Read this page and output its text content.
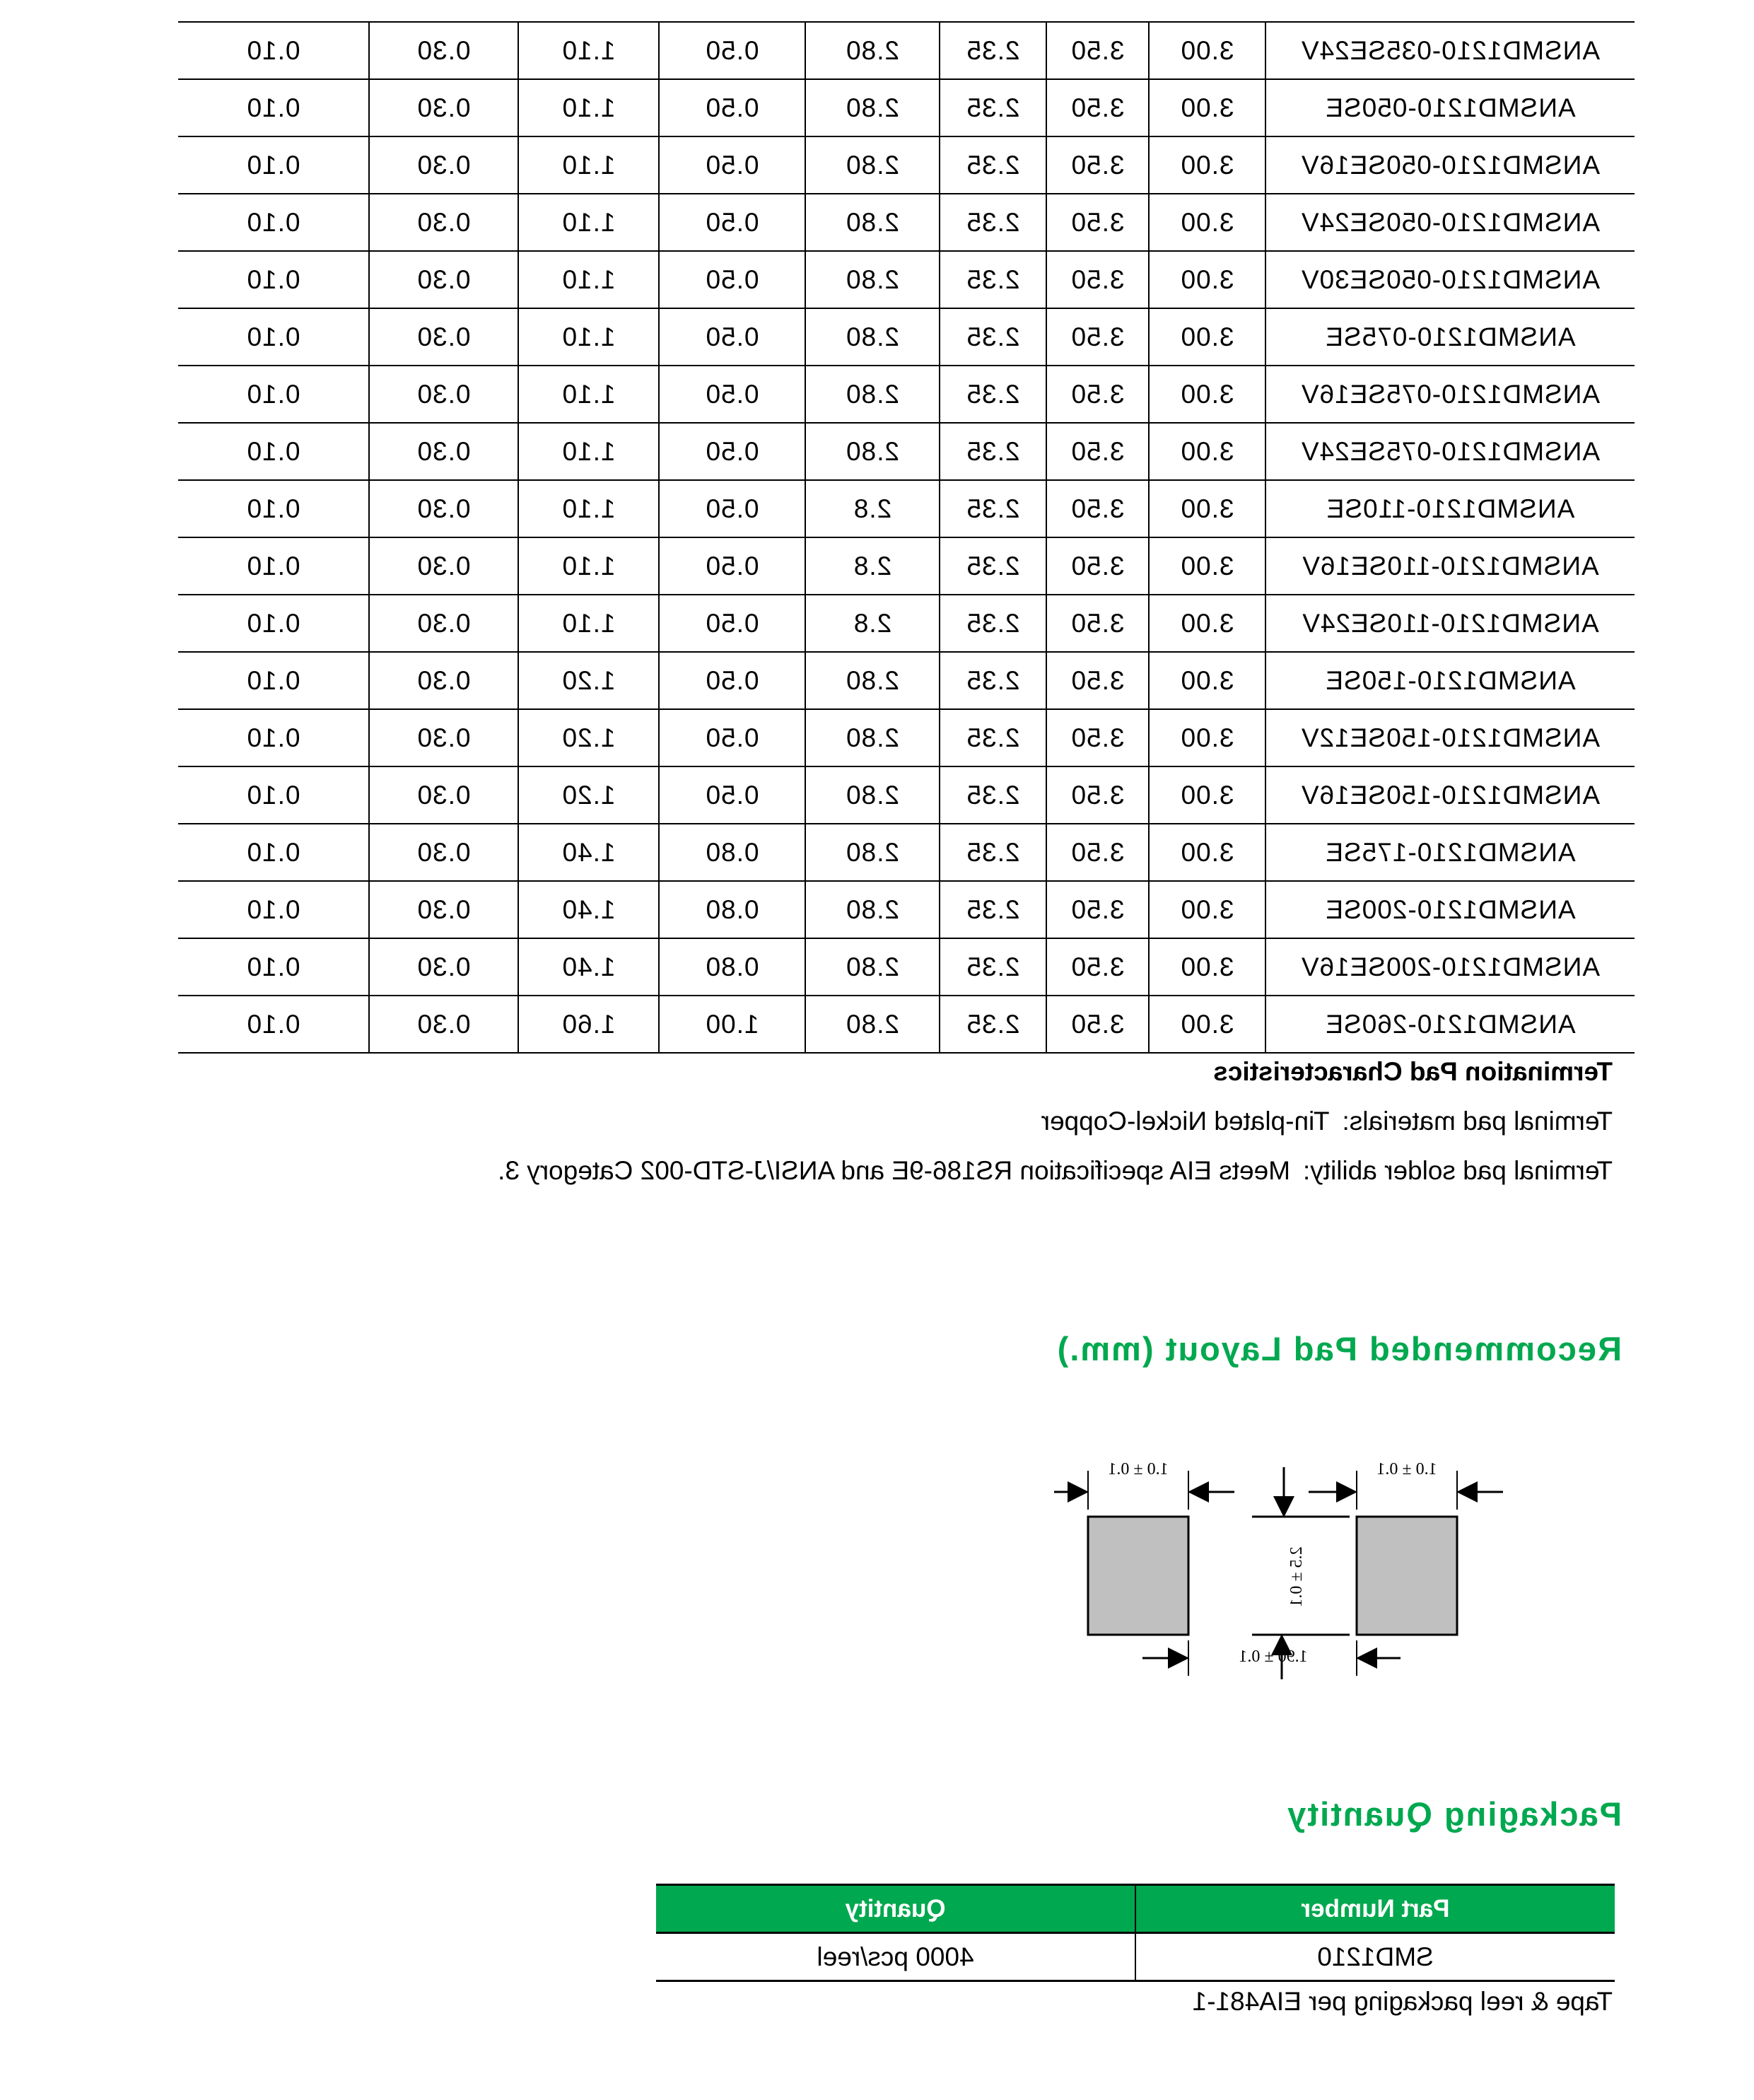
ANSMD1210-035SE24V	3.00	3.50	2.35	2.80	0.50	1.10	0.30	0.10
ANSMD1210-050SE	3.00	3.50	2.35	2.80	0.50	1.10	0.30	0.10
ANSMD1210-050SE16V	3.00	3.50	2.35	2.80	0.50	1.10	0.30	0.10
ANSMD1210-050SE24V	3.00	3.50	2.35	2.80	0.50	1.10	0.30	0.10
ANSMD1210-050SE30V	3.00	3.50	2.35	2.80	0.50	1.10	0.30	0.10
ANSMD1210-075SE	3.00	3.50	2.35	2.80	0.50	1.10	0.30	0.10
ANSMD1210-075SE16V	3.00	3.50	2.35	2.80	0.50	1.10	0.30	0.10
ANSMD1210-075SE24V	3.00	3.50	2.35	2.80	0.50	1.10	0.30	0.10
ANSMD1210-110SE	3.00	3.50	2.35	2.8	0.50	1.10	0.30	0.10
ANSMD1210-110SE16V	3.00	3.50	2.35	2.8	0.50	1.10	0.30	0.10
ANSMD1210-110SE24V	3.00	3.50	2.35	2.8	0.50	1.10	0.30	0.10
ANSMD1210-150SE	3.00	3.50	2.35	2.80	0.50	1.20	0.30	0.10
ANSMD1210-150SE12V	3.00	3.50	2.35	2.80	0.50	1.20	0.30	0.10
ANSMD1210-150SE16V	3.00	3.50	2.35	2.80	0.50	1.20	0.30	0.10
ANSMD1210-175SE	3.00	3.50	2.35	2.80	0.80	1.40	0.30	0.10
ANSMD1210-200SE	3.00	3.50	2.35	2.80	0.80	1.40	0.30	0.10
ANSMD1210-200SE16V	3.00	3.50	2.35	2.80	0.80	1.40	0.30	0.10
ANSMD1210-260SE	3.00	3.50	2.35	2.80	1.00	1.60	0.30	0.10

Termination Pad Characteristics

Terminal pad materials:Tin-plated Nickel-Copper
Terminal pad solder ability:Meets EIA specification RS186-9E and ANSI/J-STD-002 Category 3.
Recommended Pad Layout (mm.)
1.0 ± 0.1
1.0 ± 0.1
1.90 ± 0.1
2.5 ± 0.1
Packaging Quantity
Part Number	Quantity
SMD1210	4000 pcs/reel
Tape & reel packaging per EIA481-1
